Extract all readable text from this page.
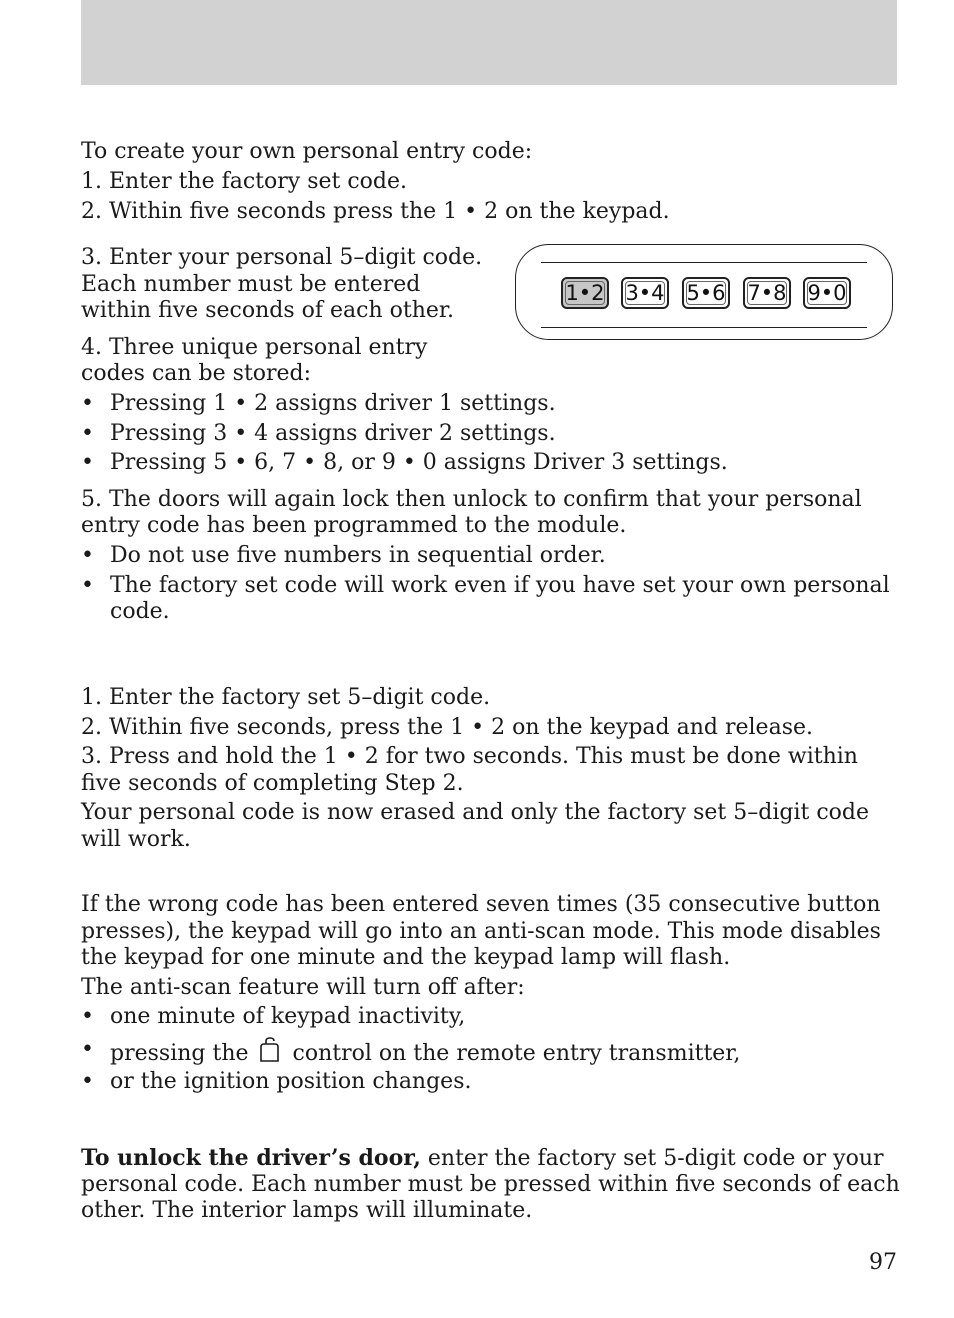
To create your own personal entry code:
1. Enter the factory set code.
2. Within five seconds press the 1 • 2 on the keypad.
3. Enter your personal 5–digit code.
Each number must be entered
within five seconds of each other.
4. Three unique personal entry
codes can be stored:
• Pressing 1 • 2 assigns driver 1 settings.
• Pressing 3 • 4 assigns driver 2 settings.
• Pressing 5 • 6, 7 • 8, or 9 • 0 assigns Driver 3 settings.
5. The doors will again lock then unlock to confirm that your personal
entry code has been programmed to the module.
• Do not use five numbers in sequential order.
• The factory set code will work even if you have set your own personal
code.
1•2 3•4 5•6 7•8 9•0
1. Enter the factory set 5–digit code.
2. Within five seconds, press the 1 • 2 on the keypad and release.
3. Press and hold the 1 • 2 for two seconds. This must be done within
five seconds of completing Step 2.
Your personal code is now erased and only the factory set 5–digit code
will work.
If the wrong code has been entered seven times (35 consecutive button
presses), the keypad will go into an anti-scan mode. This mode disables
the keypad for one minute and the keypad lamp will flash.
The anti-scan feature will turn off after:
• one minute of keypad inactivity,
• pressing the control on the remote entry transmitter,
• or the ignition position changes.
To unlock the driver’s door, enter the factory set 5-digit code or your
personal code. Each number must be pressed within five seconds of each
other. The interior lamps will illuminate.
97
